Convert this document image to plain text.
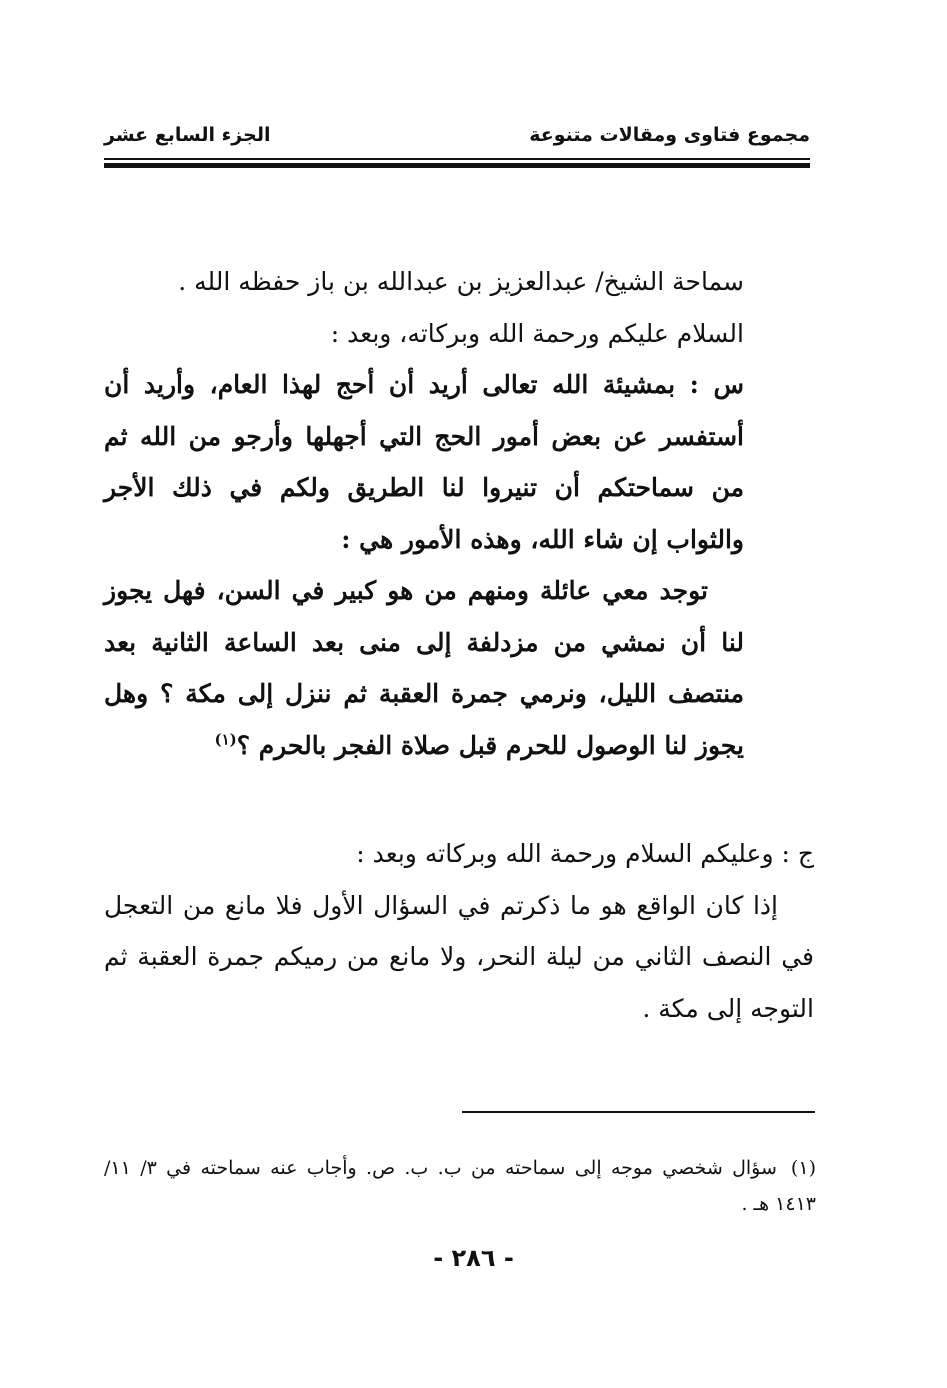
مجموع فتاوى ومقالات متنوعة
الجزء السابع عشر

سماحة الشيخ/ عبدالعزيز بن عبدالله بن باز حفظه الله .

السلام عليكم ورحمة الله وبركاته، وبعد :

س : بمشيئة الله تعالى أريد أن أحج لهذا العام، وأريد أن أستفسر عن بعض أمور الحج التي أجهلها وأرجو من الله ثم من سماحتكم أن تنيروا لنا الطريق ولكم في ذلك الأجر والثواب إن شاء الله، وهذه الأمور هي :

توجد معي عائلة ومنهم من هو كبير في السن، فهل يجوز لنا أن نمشي من مزدلفة إلى منى بعد الساعة الثانية بعد منتصف الليل، ونرمي جمرة العقبة ثم ننزل إلى مكة ؟ وهل يجوز لنا الوصول للحرم قبل صلاة الفجر بالحرم ؟$^{(١)}$

ج : وعليكم السلام ورحمة الله وبركاته وبعد :

إذا كان الواقع هو ما ذكرتم في السؤال الأول فلا مانع من التعجل في النصف الثاني من ليلة النحر، ولا مانع من رميكم جمرة العقبة ثم التوجه إلى مكة .

(١)سؤال شخصي موجه إلى سماحته من ب. ب. ص. وأجاب عنه سماحته في ٣/ ١١/ ١٤١٣ هـ .

- ٢٨٦ -
